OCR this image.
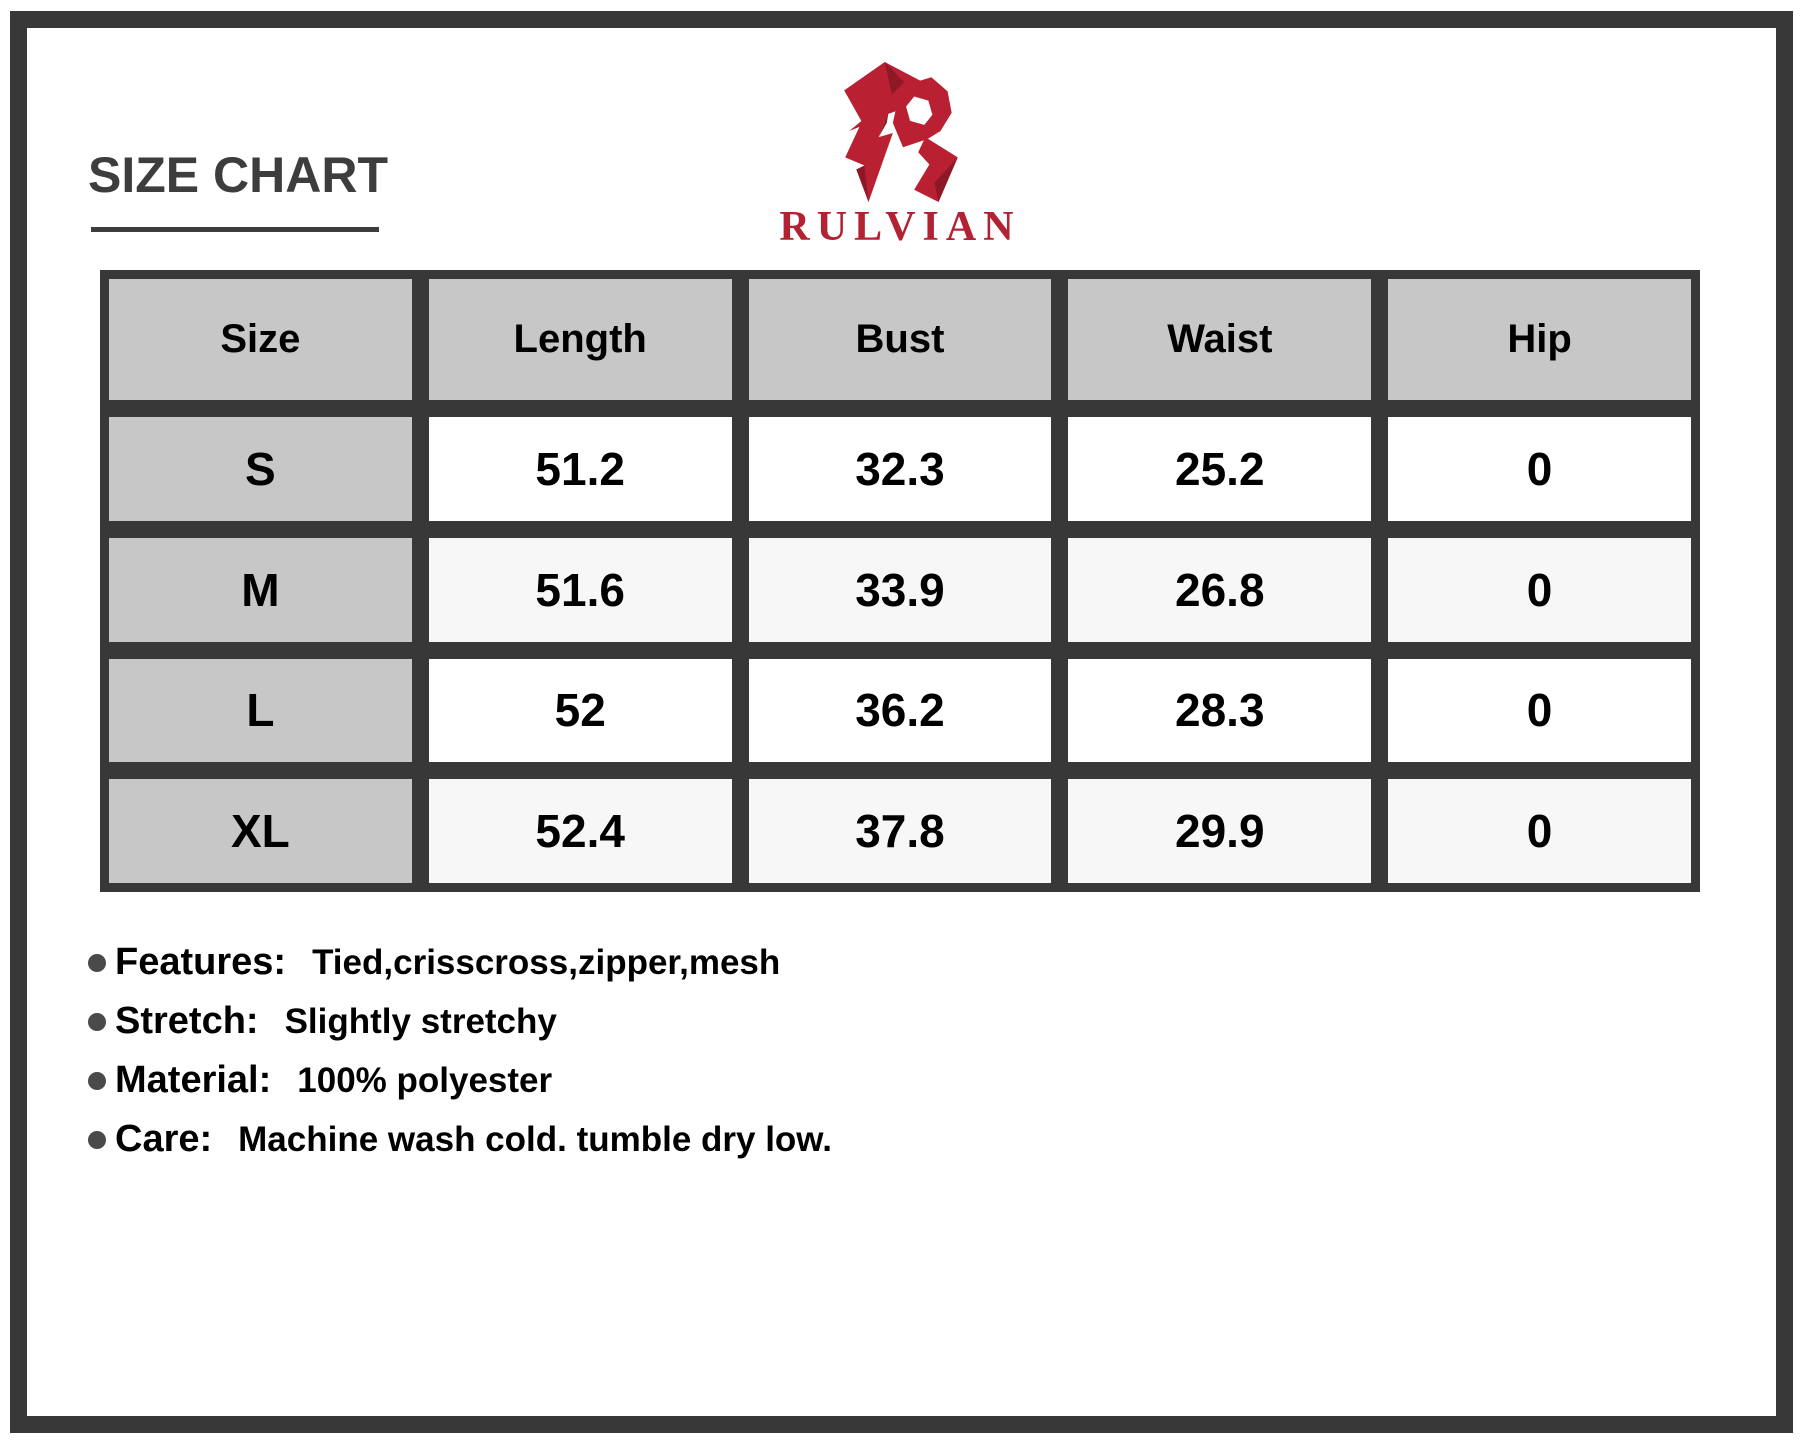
SIZE CHART
RULVIAN
Size	Length	Bust	Waist	Hip
S	51.2	32.3	25.2	0
M	51.6	33.9	26.8	0
L	52	36.2	28.3	0
XL	52.4	37.8	29.9	0
Features: Tied,crisscross,zipper,mesh
Stretch: Slightly stretchy
Material: 100% polyester
Care: Machine wash cold. tumble dry low.
